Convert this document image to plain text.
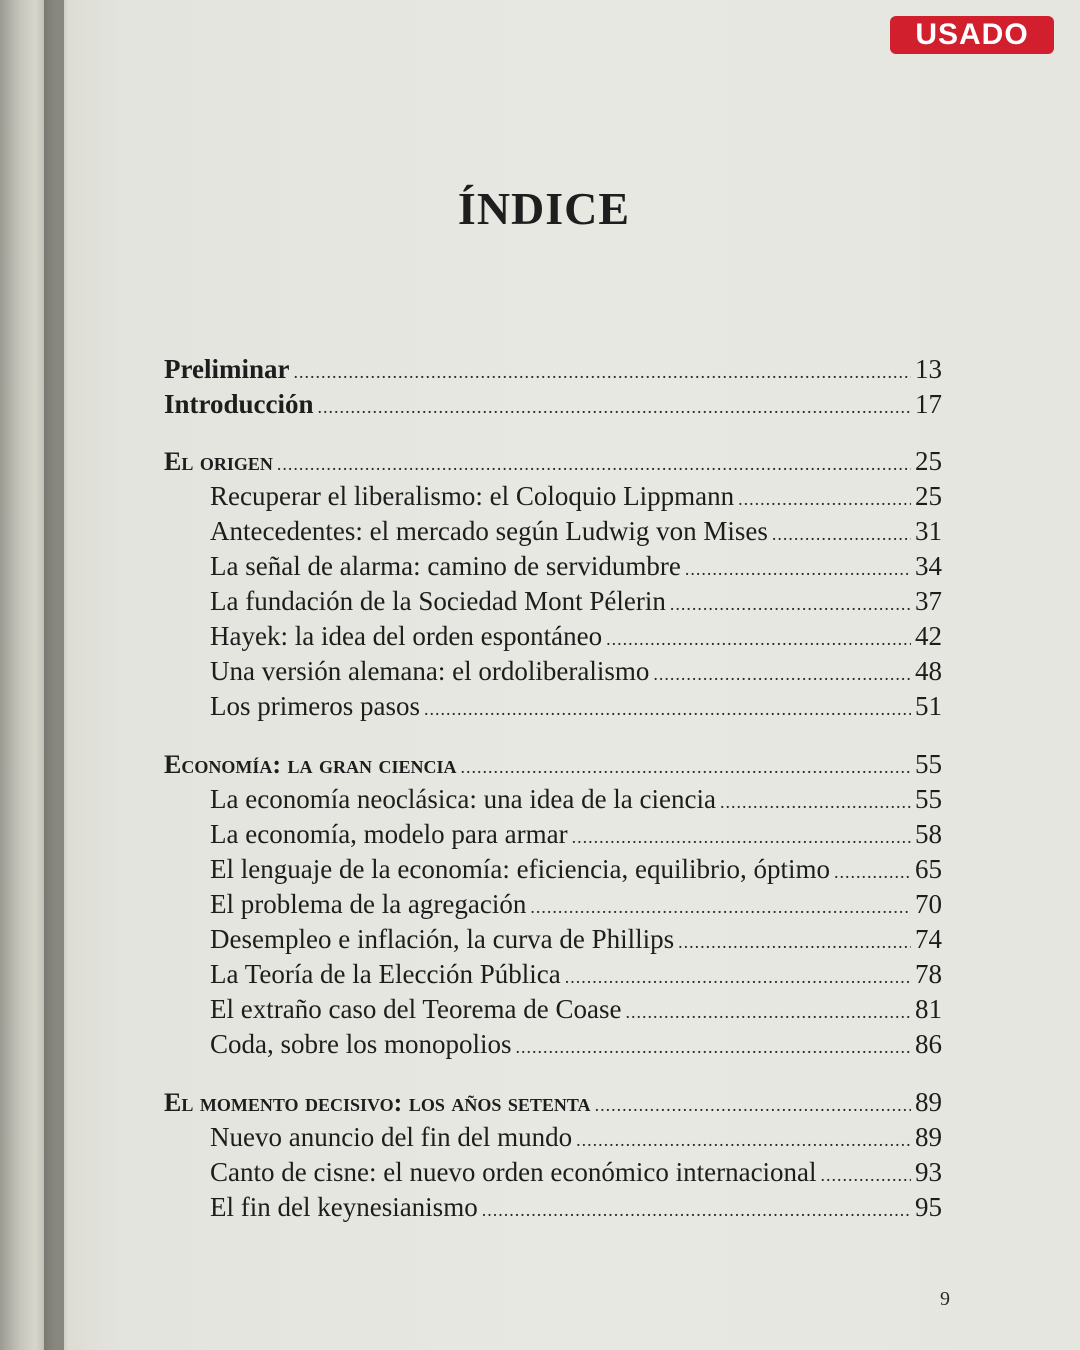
USADO
ÍNDICE
Preliminar .....	13
Introducción .....	17
El origen .....	25
Recuperar el liberalismo: el Coloquio Lippmann .....	25
Antecedentes: el mercado según Ludwig von Mises .....	31
La señal de alarma: camino de servidumbre .....	34
La fundación de la Sociedad Mont Pélerin .....	37
Hayek: la idea del orden espontáneo .....	42
Una versión alemana: el ordoliberalismo .....	48
Los primeros pasos .....	51
Economía: la gran ciencia .....	55
La economía neoclásica: una idea de la ciencia .....	55
La economía, modelo para armar .....	58
El lenguaje de la economía: eficiencia, equilibrio, óptimo .....	65
El problema de la agregación .....	70
Desempleo e inflación, la curva de Phillips .....	74
La Teoría de la Elección Pública .....	78
El extraño caso del Teorema de Coase .....	81
Coda, sobre los monopolios .....	86
El momento decisivo: los años setenta .....	89
Nuevo anuncio del fin del mundo .....	89
Canto de cisne: el nuevo orden económico internacional .....	93
El fin del keynesianismo .....	95
9
